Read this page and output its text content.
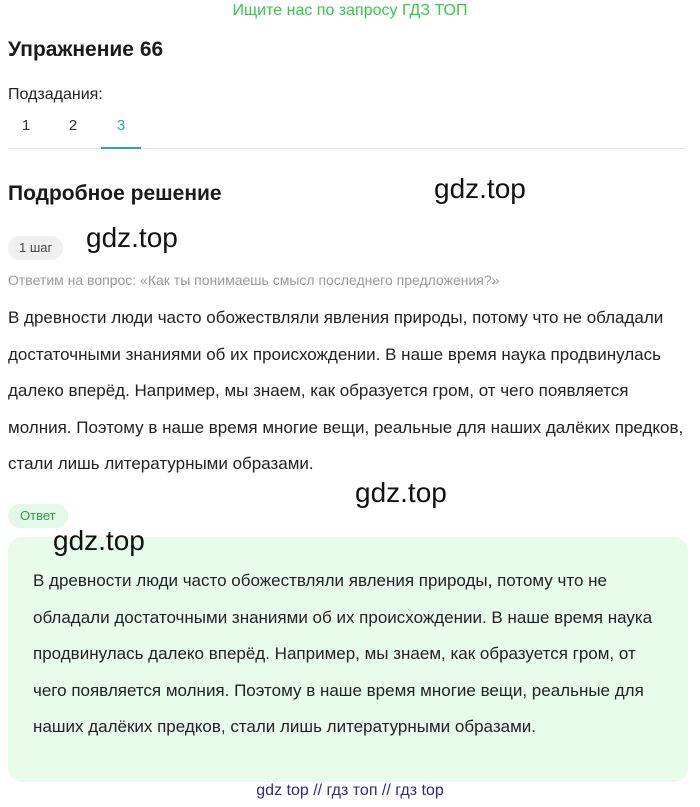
Ищите нас по запросу ГДЗ ТОП
Упражнение 66
Подзадания:
1	2	3
Подробное решение	gdz.top
gdz.top
1 шаг
Ответим на вопрос: «Как ты понимаешь смысл последнего предложения?»
В древности люди часто обожествляли явления природы, потому что не обладали достаточными знаниями об их происхождении. В наше время наука продвинулась далеко вперёд. Например, мы знаем, как образуется гром, от чего появляется молния. Поэтому в наше время многие вещи, реальные для наших далёких предков, стали лишь литературными образами.
gdz.top
Ответ
В древности люди часто обожествляли явления природы, потому что не обладали достаточными знаниями об их происхождении. В наше время наука продвинулась далеко вперёд. Например, мы знаем, как образуется гром, от чего появляется молния. Поэтому в наше время многие вещи, реальные для наших далёких предков, стали лишь литературными образами.
gdz.top
gdz top // гдз топ // гдз top
